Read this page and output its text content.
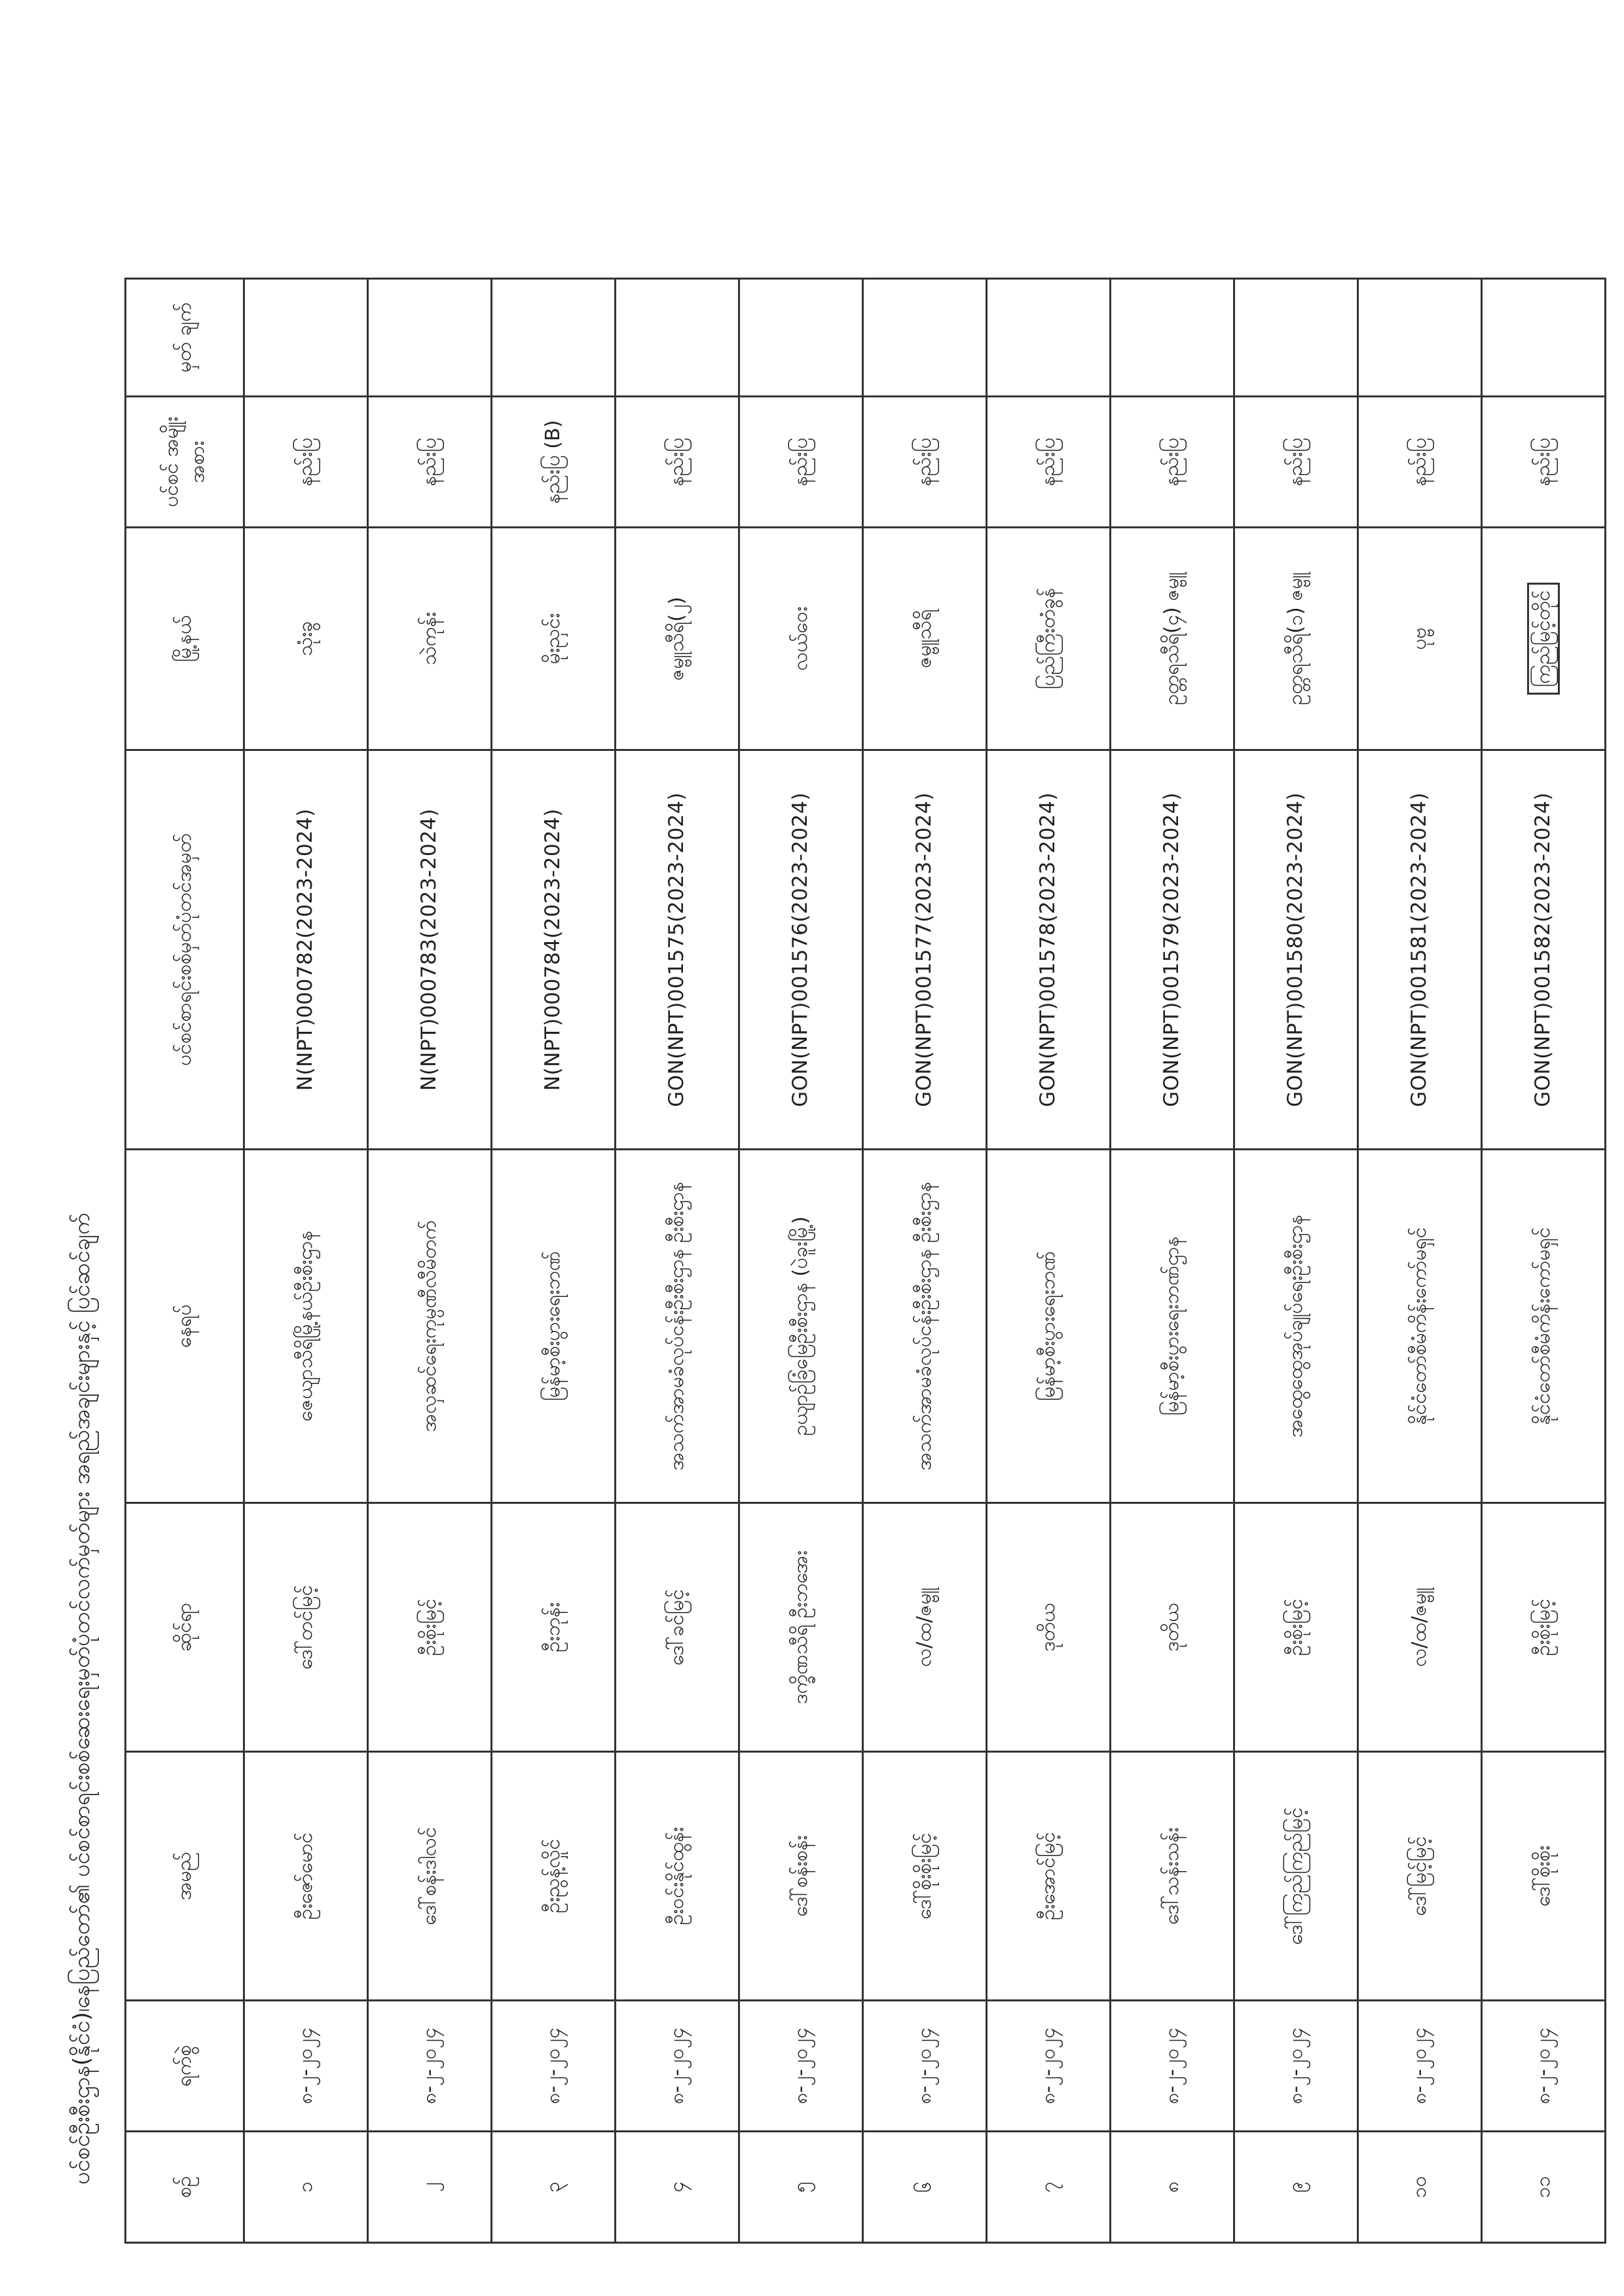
ပင်စင်ဦးစီးဌာန(နိုင်ငံ)၊နေပြည်တော်၏ ပင်စင်စာရင်းစစ်ဆေးရေးမှတ်ပုံတင်လက်မှတ်များ အရည်အချင်းများနှင့် ပြင်ဆင်ချက်
စဉ်	ရက်စွဲ	အမည်	ဆိုင်ရာ	နေရပ်	ပင်စင်စာရင်းစစ်မှတ်ပုံတင်အမှတ်	မြို့နယ်	ပင်စင် အမျိုးအစား	မှတ် ချက်
၁	၈-၂-၂၀၂၄	ဦးဇော်မောင်	ဒေါ်တင်မြင့်	ဇေယျာသီရိမြို့နယ်ဦးစီးဌာန	N(NPT)000782(2023-2024)	သုံးခွ	နည်းပြ	
၂	၈-၂-၂၀၂၄	ဒေါ်စန်းဒါလင်	ဦးစိုးမြင့်	အလှဆင်ရေးကုမ္ပဏီလီမိတက်	N(NPT)000783(2023-2024)	သဲကုန်း	နည်းပြ	
၃	၈-၂-၂၀၂၄	ဦးညွန့်လှိုင်	ဦးဘုန်း	မြန်မာ့စီးပွားရေးဘဏ်	N(NPT)000784(2023-2024)	မိုးညှင်း	နည်းပြ (B)	
၄	၈-၂-၂၀၂၄	ဦးဝင်းနိုင်ထွန်း	ဒေါ်ခင်မြင့်	အသက်အာမခံလုပ်ငန်းဦးစီးဌာန ဦးစီးဌာန	GON(NPT)001575(2023-2024)	ဇမ္ဗူသီရိ(၂)	နည်းပြ	
၅	၈-၂-၂၀၂၄	ဒေါ်စန်းစန်း	ဒက္ခိဏသီရိ ဦးဘအေး	ဥယျာဉ်ခြံမြေဦးစီးဌာန (ပဲခူးမြို့)	GON(NPT)001576(2023-2024)	လယ်ဝေး	နည်းပြ	
၆	၈-၂-၂၀၂၄	ဒေါ်စိုးစိုးမြင့်	လ/ထ/ဇမ္ဗူ	အသက်အာမခံလုပ်ငန်းဦးစီးဌာန ဦးစီးဌာန	GON(NPT)001577(2023-2024)	ဇမ္ဗူသီရိ	နည်းပြ	
၇	၈-၂-၂၀၂၄	ဦးအောင်မြင့်	ဒုတိယ	မြန်မာ့စီးပွားရေးဘဏ်	GON(NPT)001578(2023-2024)	ပြည်ကြီးတံခွန်	နည်းပြ	
၈	၈-၂-၂၀၂၄	ဒေါ်သန်းသန်း	ဒုတိယ	မြန်မာ့စီးပွားရေးဘဏ်ဌာန	GON(NPT)001579(2023-2024)	ဥတ္တရသီရိ(၄) ဇမ္ဗူ	နည်းပြ	
၉	၈-၂-၂၀၂၄	ဒေါ်ကြည်ကြည်မြင့်	ဦးစိုးမြင့်	အထွေထွေအုပ်ချုပ်ရေးဦးစီးဌာန	GON(NPT)001580(2023-2024)	ဥတ္တရသီရိ(၁) ဇမ္ဗူ	နည်းပြ	
၁၀	၈-၂-၂၀၂၄	ဒေါ်မြင့်မြင့်	လ/ထ/ဇမ္ဗူ	နိုင်ငံတော်စီမံကိန်းကော်မရှင်	GON(NPT)001581(2023-2024)	ပုဗ္ဗ	နည်းပြ	
၁၁	၈-၂-၂၀၂၄	ဒေါ်စိုးစိုး	ဦးစိုးမြင့်	နိုင်ငံတော်စီမံကိန်းကော်မရှင်	GON(NPT)001582(2023-2024)	ကြည်မြင့်တိုင်	နည်းပြ	
